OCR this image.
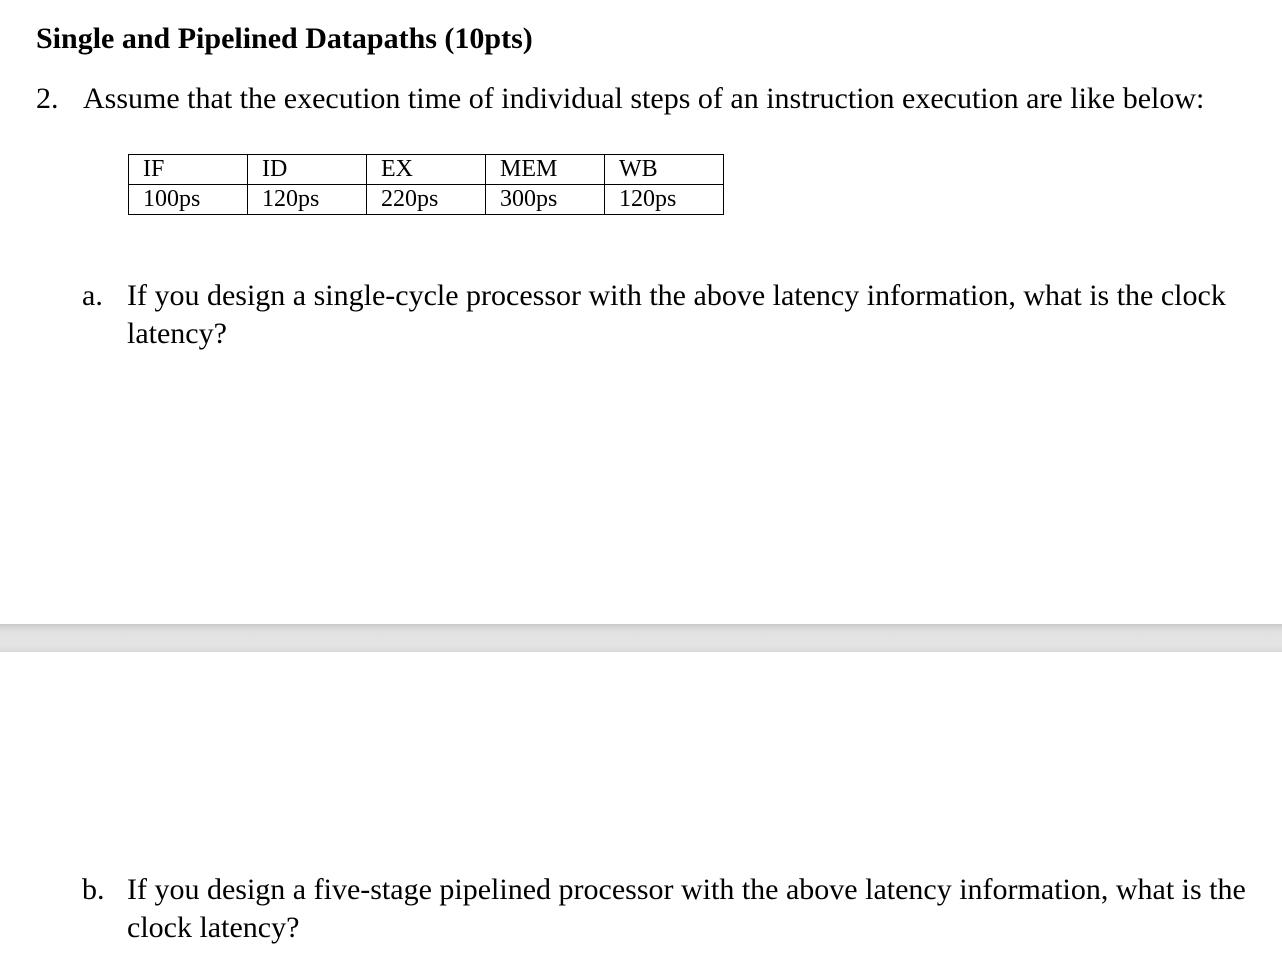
Single and Pipelined Datapaths (10pts)
2. Assume that the execution time of individual steps of an instruction execution are like below:
IF	ID	EX	MEM	WB
100ps	120ps	220ps	300ps	120ps
a. If you design a single-cycle processor with the above latency information, what is the clock latency?
b. If you design a five-stage pipelined processor with the above latency information, what is the clock latency?
